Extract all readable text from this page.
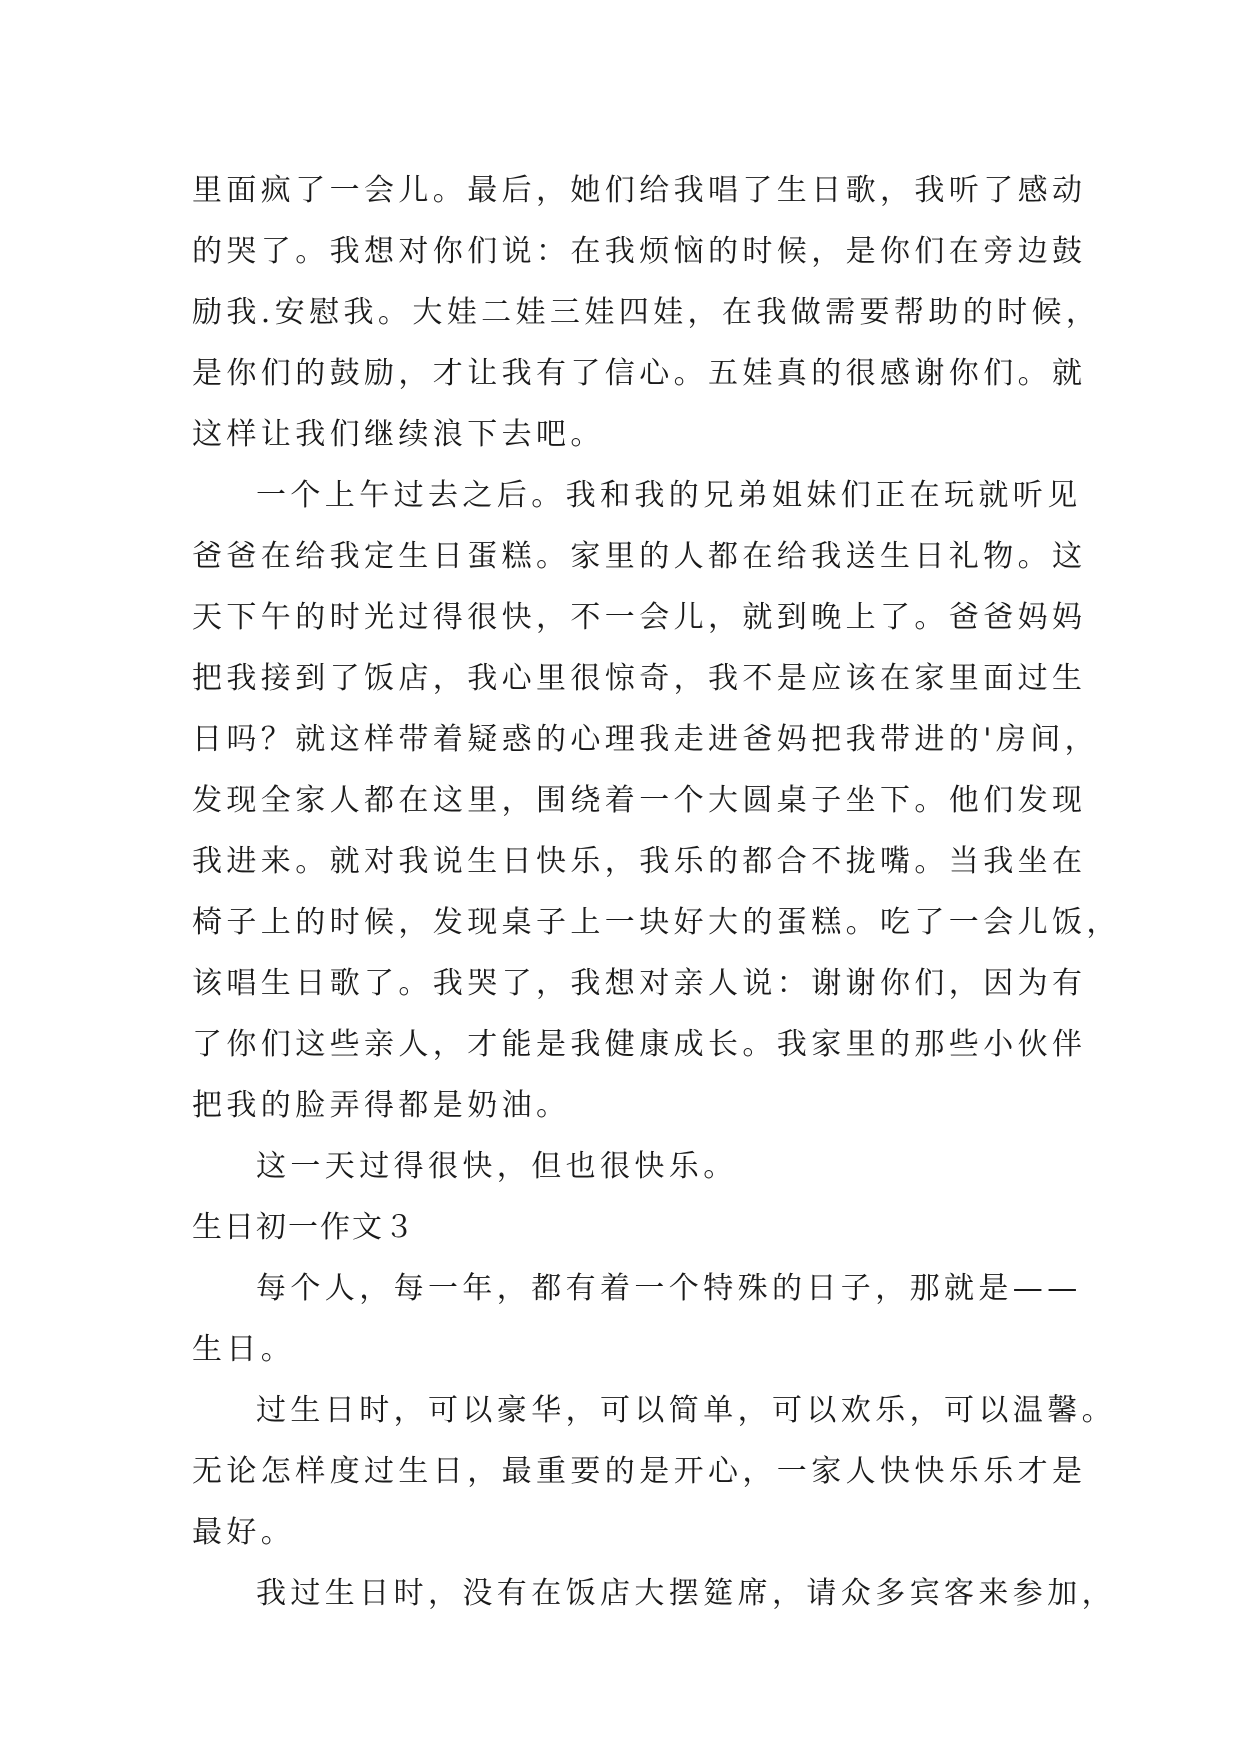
里面疯了一会儿。最后，她们给我唱了生日歌，我听了感动
的哭了。我想对你们说：在我烦恼的时候，是你们在旁边鼓
励我.安慰我。大娃二娃三娃四娃，在我做需要帮助的时候，
是你们的鼓励，才让我有了信心。五娃真的很感谢你们。就
这样让我们继续浪下去吧。
一个上午过去之后。我和我的兄弟姐妹们正在玩就听见
爸爸在给我定生日蛋糕。家里的人都在给我送生日礼物。这
天下午的时光过得很快，不一会儿，就到晚上了。爸爸妈妈
把我接到了饭店，我心里很惊奇，我不是应该在家里面过生
日吗？就这样带着疑惑的心理我走进爸妈把我带进的'房间，
发现全家人都在这里，围绕着一个大圆桌子坐下。他们发现
我进来。就对我说生日快乐，我乐的都合不拢嘴。当我坐在
椅子上的时候，发现桌子上一块好大的蛋糕。吃了一会儿饭，
该唱生日歌了。我哭了，我想对亲人说：谢谢你们，因为有
了你们这些亲人，才能是我健康成长。我家里的那些小伙伴
把我的脸弄得都是奶油。
这一天过得很快，但也很快乐。
生日初一作文３
每个人，每一年，都有着一个特殊的日子，那就是——
生日。
过生日时，可以豪华，可以简单，可以欢乐，可以温馨。
无论怎样度过生日，最重要的是开心，一家人快快乐乐才是
最好。
我过生日时，没有在饭店大摆筵席，请众多宾客来参加，
